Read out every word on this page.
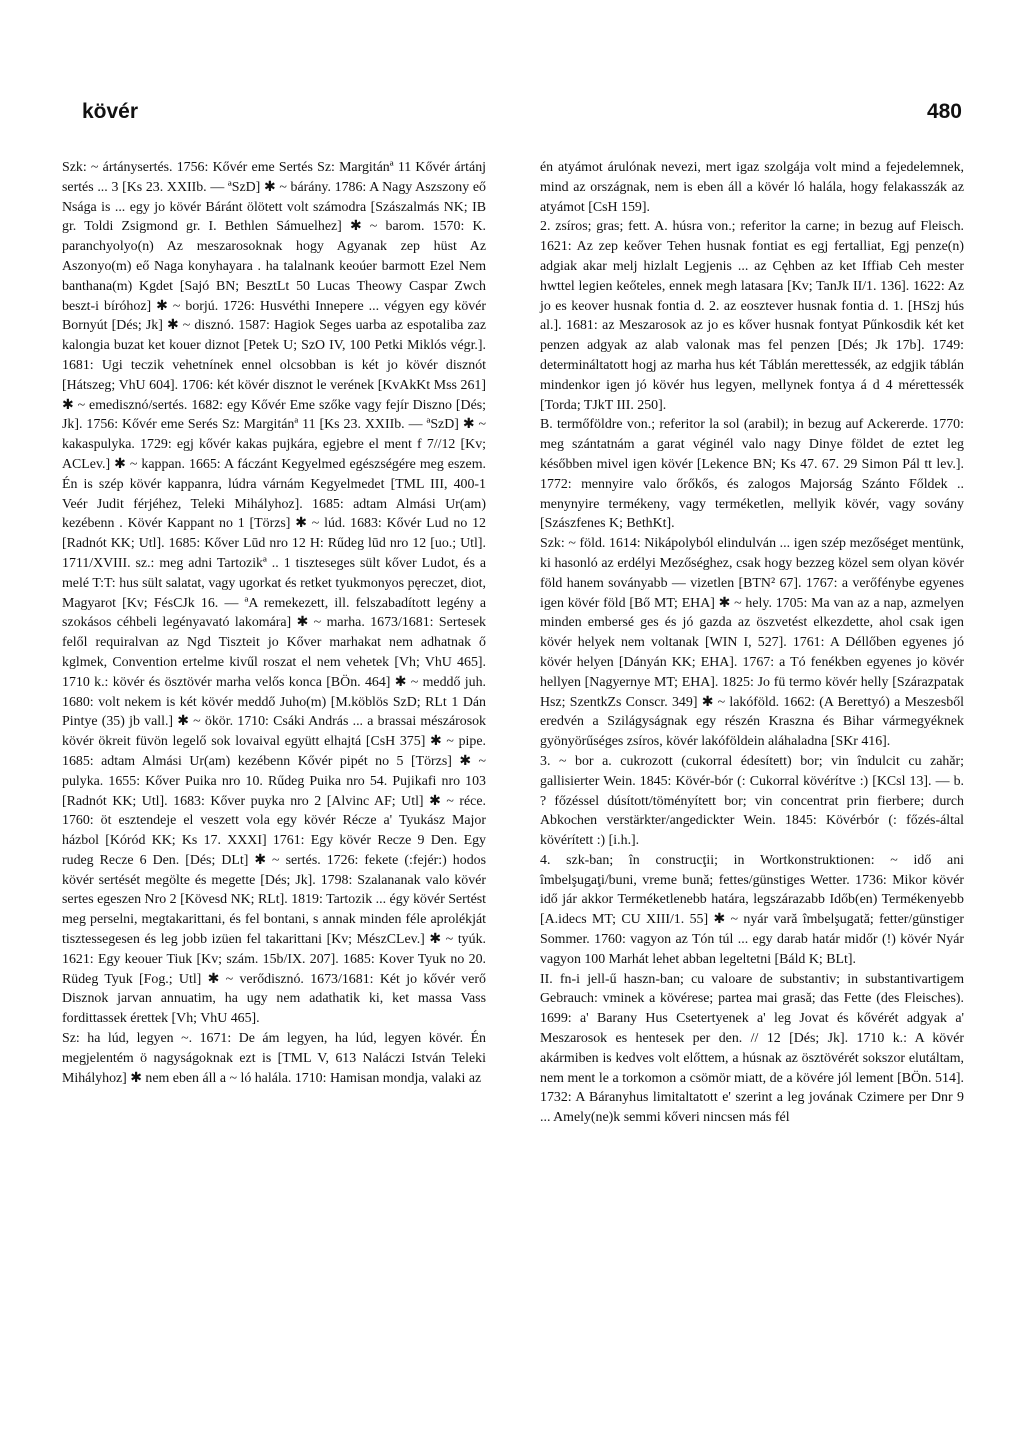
kövér	480

Szk: ~ ártánysertés. 1756: Kővér eme Sertés Sz: Margitánª 11 Kővér ártánj sertés ... 3 [Ks 23. XXIIb. — ªSzD] ✱ ~ bárány. 1786: A Nagy Aszszony eő Nsága is ... egy jo kövér Báránt ölötett volt számodra [Szászalmás NK; IB gr. Toldi Zsigmond gr. I. Bethlen Sámuelhez] ✱ ~ barom. 1570: K. paranchyolyo(n) Az meszarosoknak hogy Agyanak zep hüst Az Aszonyo(m) eő Naga konyhayara . ha talalnank keoúer barmott Ezel Nem banthana(m) Kgdet [Sajó BN; BesztLt 50 Lucas Theowy Caspar Zwch beszt-i bíróhoz] ✱ ~ borjú. 1726: Husvéthi Innepere ... végyen egy kövér Bornyút [Dés; Jk] ✱ ~ disznó. 1587: Hagiok Seges uarba az espotaliba zaz kalongia buzat ket kouer diznot [Petek U; SzO IV, 100 Petki Miklós végr.]. 1681: Ugi teczik vehetnínek ennel olcsobban is két jo kövér disznót [Hátszeg; VhU 604]. 1706: két kövér disznot le verének [KvAkKt Mss 261] ✱ ~ emedisznó/sertés. 1682: egy Kővér Eme szőke vagy fejír Diszno [Dés; Jk]. 1756: Kővér eme Serés Sz: Margitánª 11 [Ks 23. XXIIb. — ªSzD] ✱ ~ kakaspulyka. 1729: egj kővér kakas pujkára, egjebre el ment f 7//12 [Kv; ACLev.] ✱ ~ kappan. 1665: A fáczánt Kegyelmed egészségére meg eszem. Én is szép kövér kappanra, lúdra várnám Kegyelmedet [TML III, 400-1 Veér Judit férjéhez, Teleki Mihályhoz]. 1685: adtam Almási Ur(am) kezébenn . Kövér Kappant no 1 [Törzs] ✱ ~ lúd. 1683: Kővér Lud no 12 [Radnót KK; Utl]. 1685: Kőver Lūd nro 12 H: Rűdeg lūd nro 12 [uo.; Utl]. 1711/XVIII. sz.: meg adni Tartozikª .. 1 tiszteseges sült kőver Ludot, és a melé T:T: hus sült salatat, vagy ugorkat és retket tyukmonyos pęreczet, diot, Magyarot [Kv; FésCJk 16. — ªA remekezett, ill. felszabadított legény a szokásos céhbeli legényavató lakomára] ✱ ~ marha. 1673/1681: Sertesek felől requiralvan az Ngd Tiszteit jo Kőver marhakat nem adhatnak ő kglmek, Convention ertelme kivűl roszat el nem vehetek [Vh; VhU 465]. 1710 k.: kövér és ösztövér marha velős konca [BÖn. 464] ✱ ~ meddő juh. 1680: volt nekem is két kövér meddő Juho(m) [M.köblös SzD; RLt 1 Dán Pintye (35) jb vall.] ✱ ~ ökör. 1710: Csáki András ... a brassai mészárosok kövér ökreit füvön legelő sok lovaival együtt elhajtá [CsH 375] ✱ ~ pipe. 1685: adtam Almási Ur(am) kezébenn Kővér pipét no 5 [Törzs] ✱ ~ pulyka. 1655: Kőver Puika nro 10. Rűdeg Puika nro 54. Pujikafi nro 103 [Radnót KK; Utl]. 1683: Kőver puyka nro 2 [Alvinc AF; Utl] ✱ ~ réce. 1760: öt esztendeje el veszett vola egy kövér Récze a' Tyukász Major házbol [Kóród KK; Ks 17. XXXI] 1761: Egy kövér Recze 9 Den. Egy rudeg Recze 6 Den. [Dés; DLt] ✱ ~ sertés. 1726: fekete (:fejér:) hodos kövér sertését megölte és megette [Dés; Jk]. 1798: Szalananak valo kövér sertes egeszen Nro 2 [Kövesd NK; RLt]. 1819: Tartozik ... égy kövér Sertést meg perselni, megtakarittani, és fel bontani, s annak minden féle aprolékját tisztessegesen és leg jobb izüen fel takarittani [Kv; MészCLev.] ✱ ~ tyúk. 1621: Egy keouer Tiuk [Kv; szám. 15b/IX. 207]. 1685: Kover Tyuk no 20. Rüdeg Tyuk [Fog.; Utl] ✱ ~ verődisznó. 1673/1681: Két jo kővér verő Disznok jarvan annuatim, ha ugy nem adathatik ki, ket massa Vass fordittassek érettek [Vh; VhU 465].

Sz: ha lúd, legyen ~. 1671: De ám legyen, ha lúd, legyen kövér. Én megjelentém ö nagyságoknak ezt is [TML V, 613 Naláczi István Teleki Mihályhoz] ✱ nem eben áll a ~ ló halála. 1710: Hamisan mondja, valaki az

én atyámot árulónak nevezi, mert igaz szolgája volt mind a fejedelemnek, mind az országnak, nem is eben áll a kövér ló halála, hogy felakasszák az atyámot [CsH 159].

2. zsíros; gras; fett. A. húsra von.; referitor la carne; in bezug auf Fleisch. 1621: Az zep keőver Tehen husnak fontiat es egj fertalliat, Egj penze(n) adgiak akar melj hizlalt Legjenis ... az Cęhben az ket Iffiab Ceh mester hwttel legien keőteles, ennek megh latasara [Kv; TanJk II/1. 136]. 1622: Az jo es keover husnak fontia d. 2. az eosztever husnak fontia d. 1. [HSzj hús al.]. 1681: az Meszarosok az jo es kőver husnak fontyat Pűnkosdik két ket penzen adgyak az alab valonak mas fel penzen [Dés; Jk 17b]. 1749: determináltatott hogj az marha hus két Táblán merettessék, az edgjik táblán mindenkor igen jó kövér hus legyen, mellynek fontya á d 4 mérettessék [Torda; TJkT III. 250].

B. termőföldre von.; referitor la sol (arabil); in bezug auf Ackererde. 1770: meg szántatnám a garat véginél valo nagy Dinye földet de eztet leg későbben mivel igen kövér [Lekence BN; Ks 47. 67. 29 Simon Pál tt lev.]. 1772: mennyire valo őrőkős, és zalogos Majorság Szánto Főldek .. menynyire termékeny, vagy terméketlen, mellyik kövér, vagy sovány [Szászfenes K; BethKt].

Szk: ~ föld. 1614: Nikápolyból elindulván ... igen szép mezőséget mentünk, ki hasonló az erdélyi Mezőséghez, csak hogy bezzeg közel sem olyan kövér föld hanem soványabb — vizetlen [BTN² 67]. 1767: a verőfénybe egyenes igen kövér föld [Bő MT; EHA] ✱ ~ hely. 1705: Ma van az a nap, azmelyen minden embersé ges és jó gazda az öszvetést elkezdette, ahol csak igen kövér helyek nem voltanak [WIN I, 527]. 1761: A Déllőben egyenes jó kövér helyen [Dányán KK; EHA]. 1767: a Tó fenékben egyenes jo kövér hellyen [Nagyernye MT; EHA]. 1825: Jo fü termo kövér helly [Szárazpatak Hsz; SzentkZs Conscr. 349] ✱ ~ lakóföld. 1662: (A Berettyó) a Meszesből eredvén a Szilágyságnak egy részén Kraszna és Bihar vármegyéknek gyönyörűséges zsíros, kövér lakóföldein aláhaladna [SKr 416].

3. ~ bor a. cukrozott (cukorral édesített) bor; vin îndulcit cu zahăr; gallisierter Wein. 1845: Kövér-bór (: Cukorral kövérítve :) [KCsl 13]. — b. ? főzéssel dúsított/töményített bor; vin concentrat prin fierbere; durch Abkochen verstärkter/angedickter Wein. 1845: Kövérbór (: főzés-által kövérített :) [i.h.].

4. szk-ban; în construcţii; in Wortkonstruktionen: ~ idő ani îmbelşugaţi/buni, vreme bună; fettes/günstiges Wetter. 1736: Mikor kövér idő jár akkor Terméketlenebb határa, legszárazabb Időb(en) Termékenyebb [A.idecs MT; CU XIII/1. 55] ✱ ~ nyár vară îmbelşugată; fetter/günstiger Sommer. 1760: vagyon az Tón túl ... egy darab határ midőr (!) kövér Nyár vagyon 100 Marhát lehet abban legeltetni [Báld K; BLt].

II. fn-i jell-ű haszn-ban; cu valoare de substantiv; in substantivartigem Gebrauch: vminek a kövérese; partea mai grasă; das Fette (des Fleisches). 1699: a' Barany Hus Csetertyenek a' leg Jovat és kővérét adgyak a' Meszarosok es hentesek per den. // 12 [Dés; Jk]. 1710 k.: A kövér akármiben is kedves volt előttem, a húsnak az ösztövérét sokszor elutáltam, nem ment le a torkomon a csömör miatt, de a kövére jól lement [BÖn. 514]. 1732: A Báranyhus limitaltatott e' szerint a leg jovának Czimere per Dnr 9 ... Amely(ne)k semmi kőveri nincsen más fél
